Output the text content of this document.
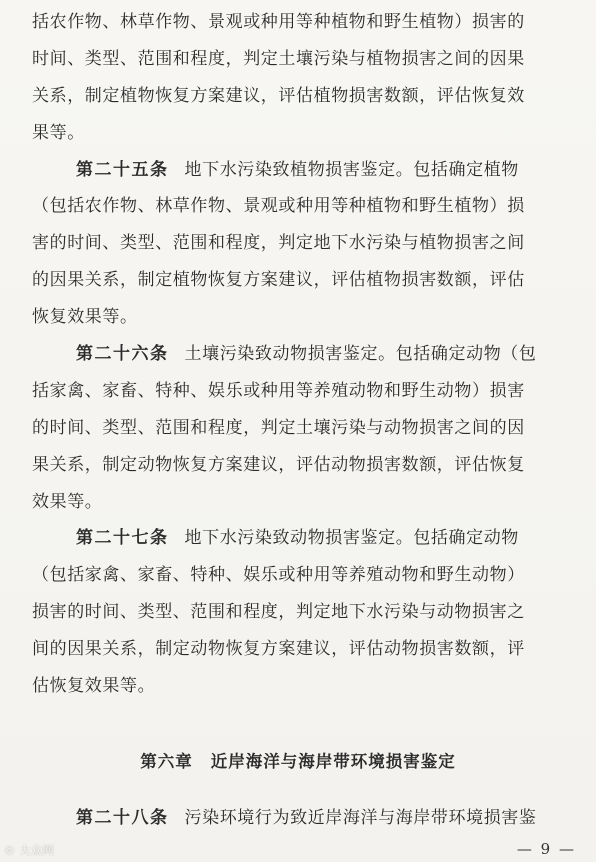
括农作物、林草作物、景观或种用等种植物和野生植物）损害的
时间、类型、范围和程度，判定土壤污染与植物损害之间的因果
关系，制定植物恢复方案建议，评估植物损害数额，评估恢复效
果等。
第二十五条 地下水污染致植物损害鉴定。包括确定植物
（包括农作物、林草作物、景观或种用等种植物和野生植物）损
害的时间、类型、范围和程度，判定地下水污染与植物损害之间
的因果关系，制定植物恢复方案建议，评估植物损害数额，评估
恢复效果等。
第二十六条 土壤污染致动物损害鉴定。包括确定动物（包
括家禽、家畜、特种、娱乐或种用等养殖动物和野生动物）损害
的时间、类型、范围和程度，判定土壤污染与动物损害之间的因
果关系，制定动物恢复方案建议，评估动物损害数额，评估恢复
效果等。
第二十七条 地下水污染致动物损害鉴定。包括确定动物
（包括家禽、家畜、特种、娱乐或种用等养殖动物和野生动物）
损害的时间、类型、范围和程度，判定地下水污染与动物损害之
间的因果关系，制定动物恢复方案建议，评估动物损害数额，评
估恢复效果等。
第六章 近岸海洋与海岸带环境损害鉴定
第二十八条 污染环境行为致近岸海洋与海岸带环境损害鉴
— 9 —
© 大众网
